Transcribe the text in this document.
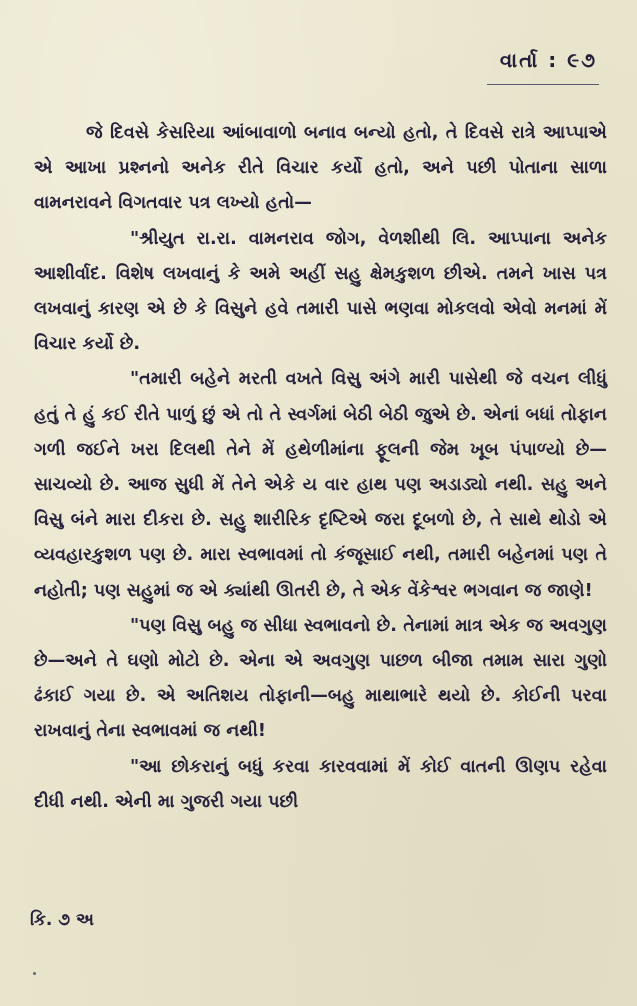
વાર્તા : ૯૭

જે દિવસે કેસરિયા આંબાવાળો બનાવ બન્યો હતો, તે દિવસે રાત્રે આપ્પાએ એ આખા પ્રશ્નનો અનેક રીતે વિચાર કર્યો હતો, અને પછી પોતાના સાળા વામનરાવને વિગતવાર પત્ર લખ્યો હતો—

"શ્રીયુત રા.રા. વામનરાવ જોગ, વેળશીથી લિ. આપ્પાના અનેક આશીર્વાદ. વિશેષ લખવાનું કે અમે અહીં સહુ ક્ષેમકુશળ છીએ. તમને ખાસ પત્ર લખવાનું કારણ એ છે કે વિસુને હવે તમારી પાસે ભણવા મોકલવો એવો મનમાં મેં વિચાર કર્યો છે.

"તમારી બહેને મરતી વખતે વિસુ અંગે મારી પાસેથી જે વચન લીધું હતું તે હું કઈ રીતે પાળું છું એ તો તે સ્વર્ગમાં બેઠી બેઠી જુએ છે. એનાં બધાં તોફાન ગળી જઈને ખરા દિલથી તેને મેં હથેળીમાંના ફૂલની જેમ ખૂબ પંપાળ્યો છે—સાચવ્યો છે. આજ સુધી મેં તેને એકે ય વાર હાથ પણ અડાડ્યો નથી. સહુ અને વિસુ બંને મારા દીકરા છે. સહુ શારીરિક દૃષ્ટિએ જરા દૂબળો છે, તે સાથે થોડો એ વ્યવહારકુશળ પણ છે. મારા સ્વભાવમાં તો કંજૂસાઈ નથી, તમારી બહેનમાં પણ તે નહોતી; પણ સહુમાં જ એ ક્યાંથી ઊતરી છે, તે એક વેંકેશ્વર ભગવાન જ જાણે!

"પણ વિસુ બહુ જ સીધા સ્વભાવનો છે. તેનામાં માત્ર એક જ અવગુણ છે—અને તે ઘણો મોટો છે. એના એ અવગુણ પાછળ બીજા તમામ સારા ગુણો ઢંકાઈ ગયા છે. એ અતિશય તોફાની—બહુ માથાભારે થયો છે. કોઈની પરવા રાખવાનું તેના સ્વભાવમાં જ નથી!

"આ છોકરાનું બધું કરવા કારવવામાં મેં કોઈ વાતની ઊણપ રહેવા દીધી નથી. એની મા ગુજરી ગયા પછી

કિ. ૭ અ
